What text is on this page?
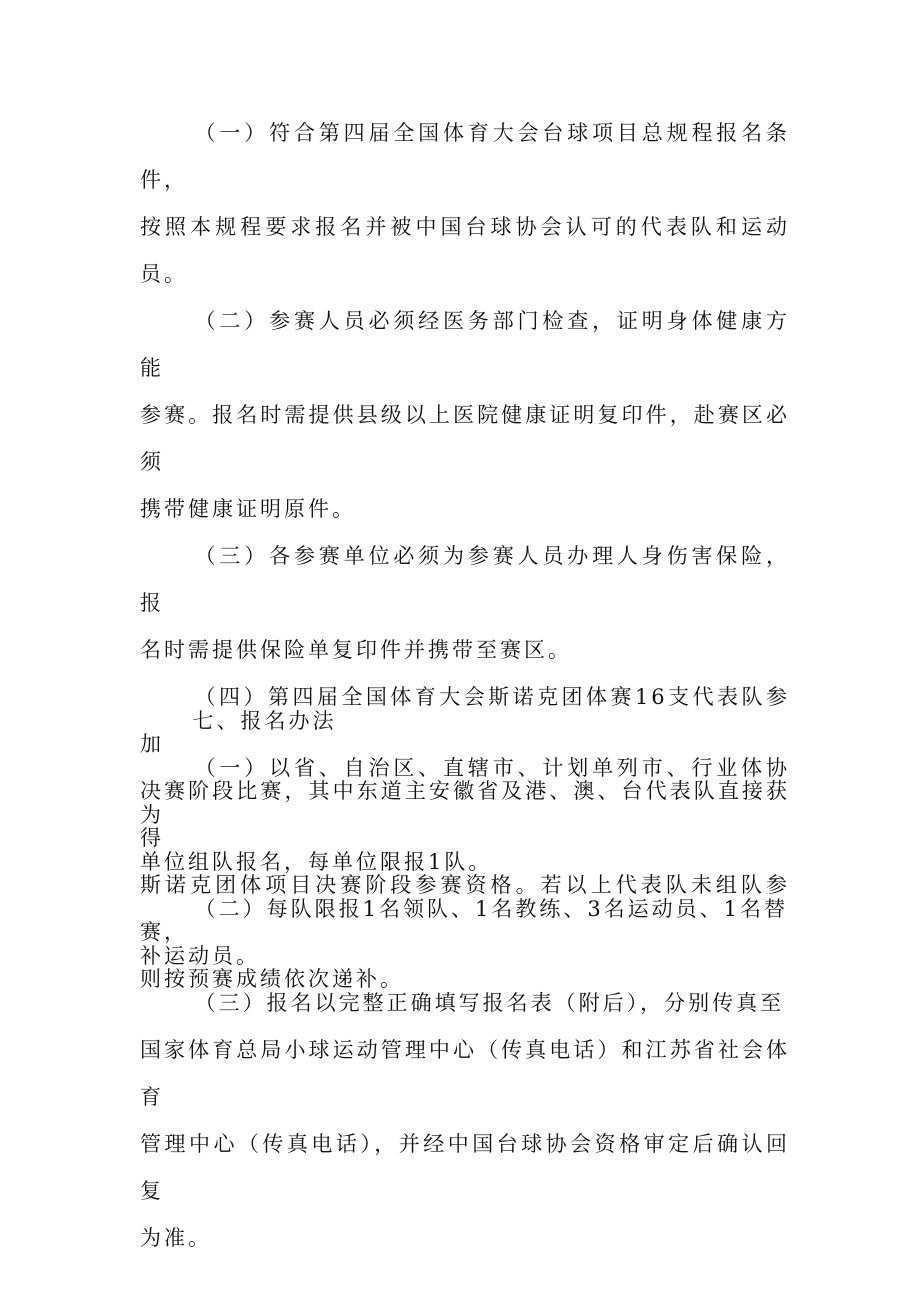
（一）符合第四届全国体育大会台球项目总规程报名条件，
按照本规程要求报名并被中国台球协会认可的代表队和运动员。

（二）参赛人员必须经医务部门检查，证明身体健康方能
参赛。报名时需提供县级以上医院健康证明复印件，赴赛区必须
携带健康证明原件。

（三）各参赛单位必须为参赛人员办理人身伤害保险，报
名时需提供保险单复印件并携带至赛区。

（四）第四届全国体育大会斯诺克团体赛16支代表队参加
决赛阶段比赛，其中东道主安徽省及港、澳、台代表队直接获得
斯诺克团体项目决赛阶段参赛资格。若以上代表队未组队参赛，
则按预赛成绩依次递补。

七、报名办法

（一）以省、自治区、直辖市、计划单列市、行业体协为
单位组队报名，每单位限报1队。

（二）每队限报1名领队、1名教练、3名运动员、1名替
补运动员。

（三）报名以完整正确填写报名表（附后），分别传真至
国家体育总局小球运动管理中心（传真电话）和江苏省社会体育
管理中心（传真电话），并经中国台球协会资格审定后确认回复
为准。
